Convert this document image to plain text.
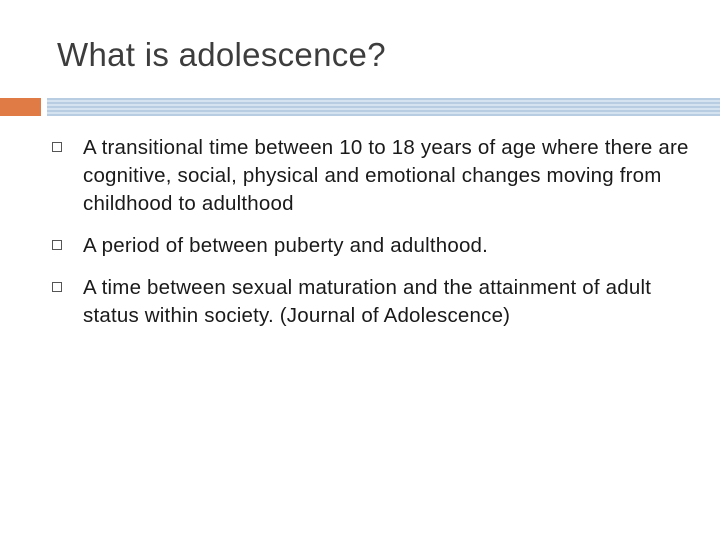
What is adolescence?
A transitional time between 10 to 18 years of age where there are cognitive, social, physical and emotional changes moving from childhood to adulthood
A period of between puberty and adulthood.
A time between sexual maturation and the attainment of adult status within society. (Journal of Adolescence)
